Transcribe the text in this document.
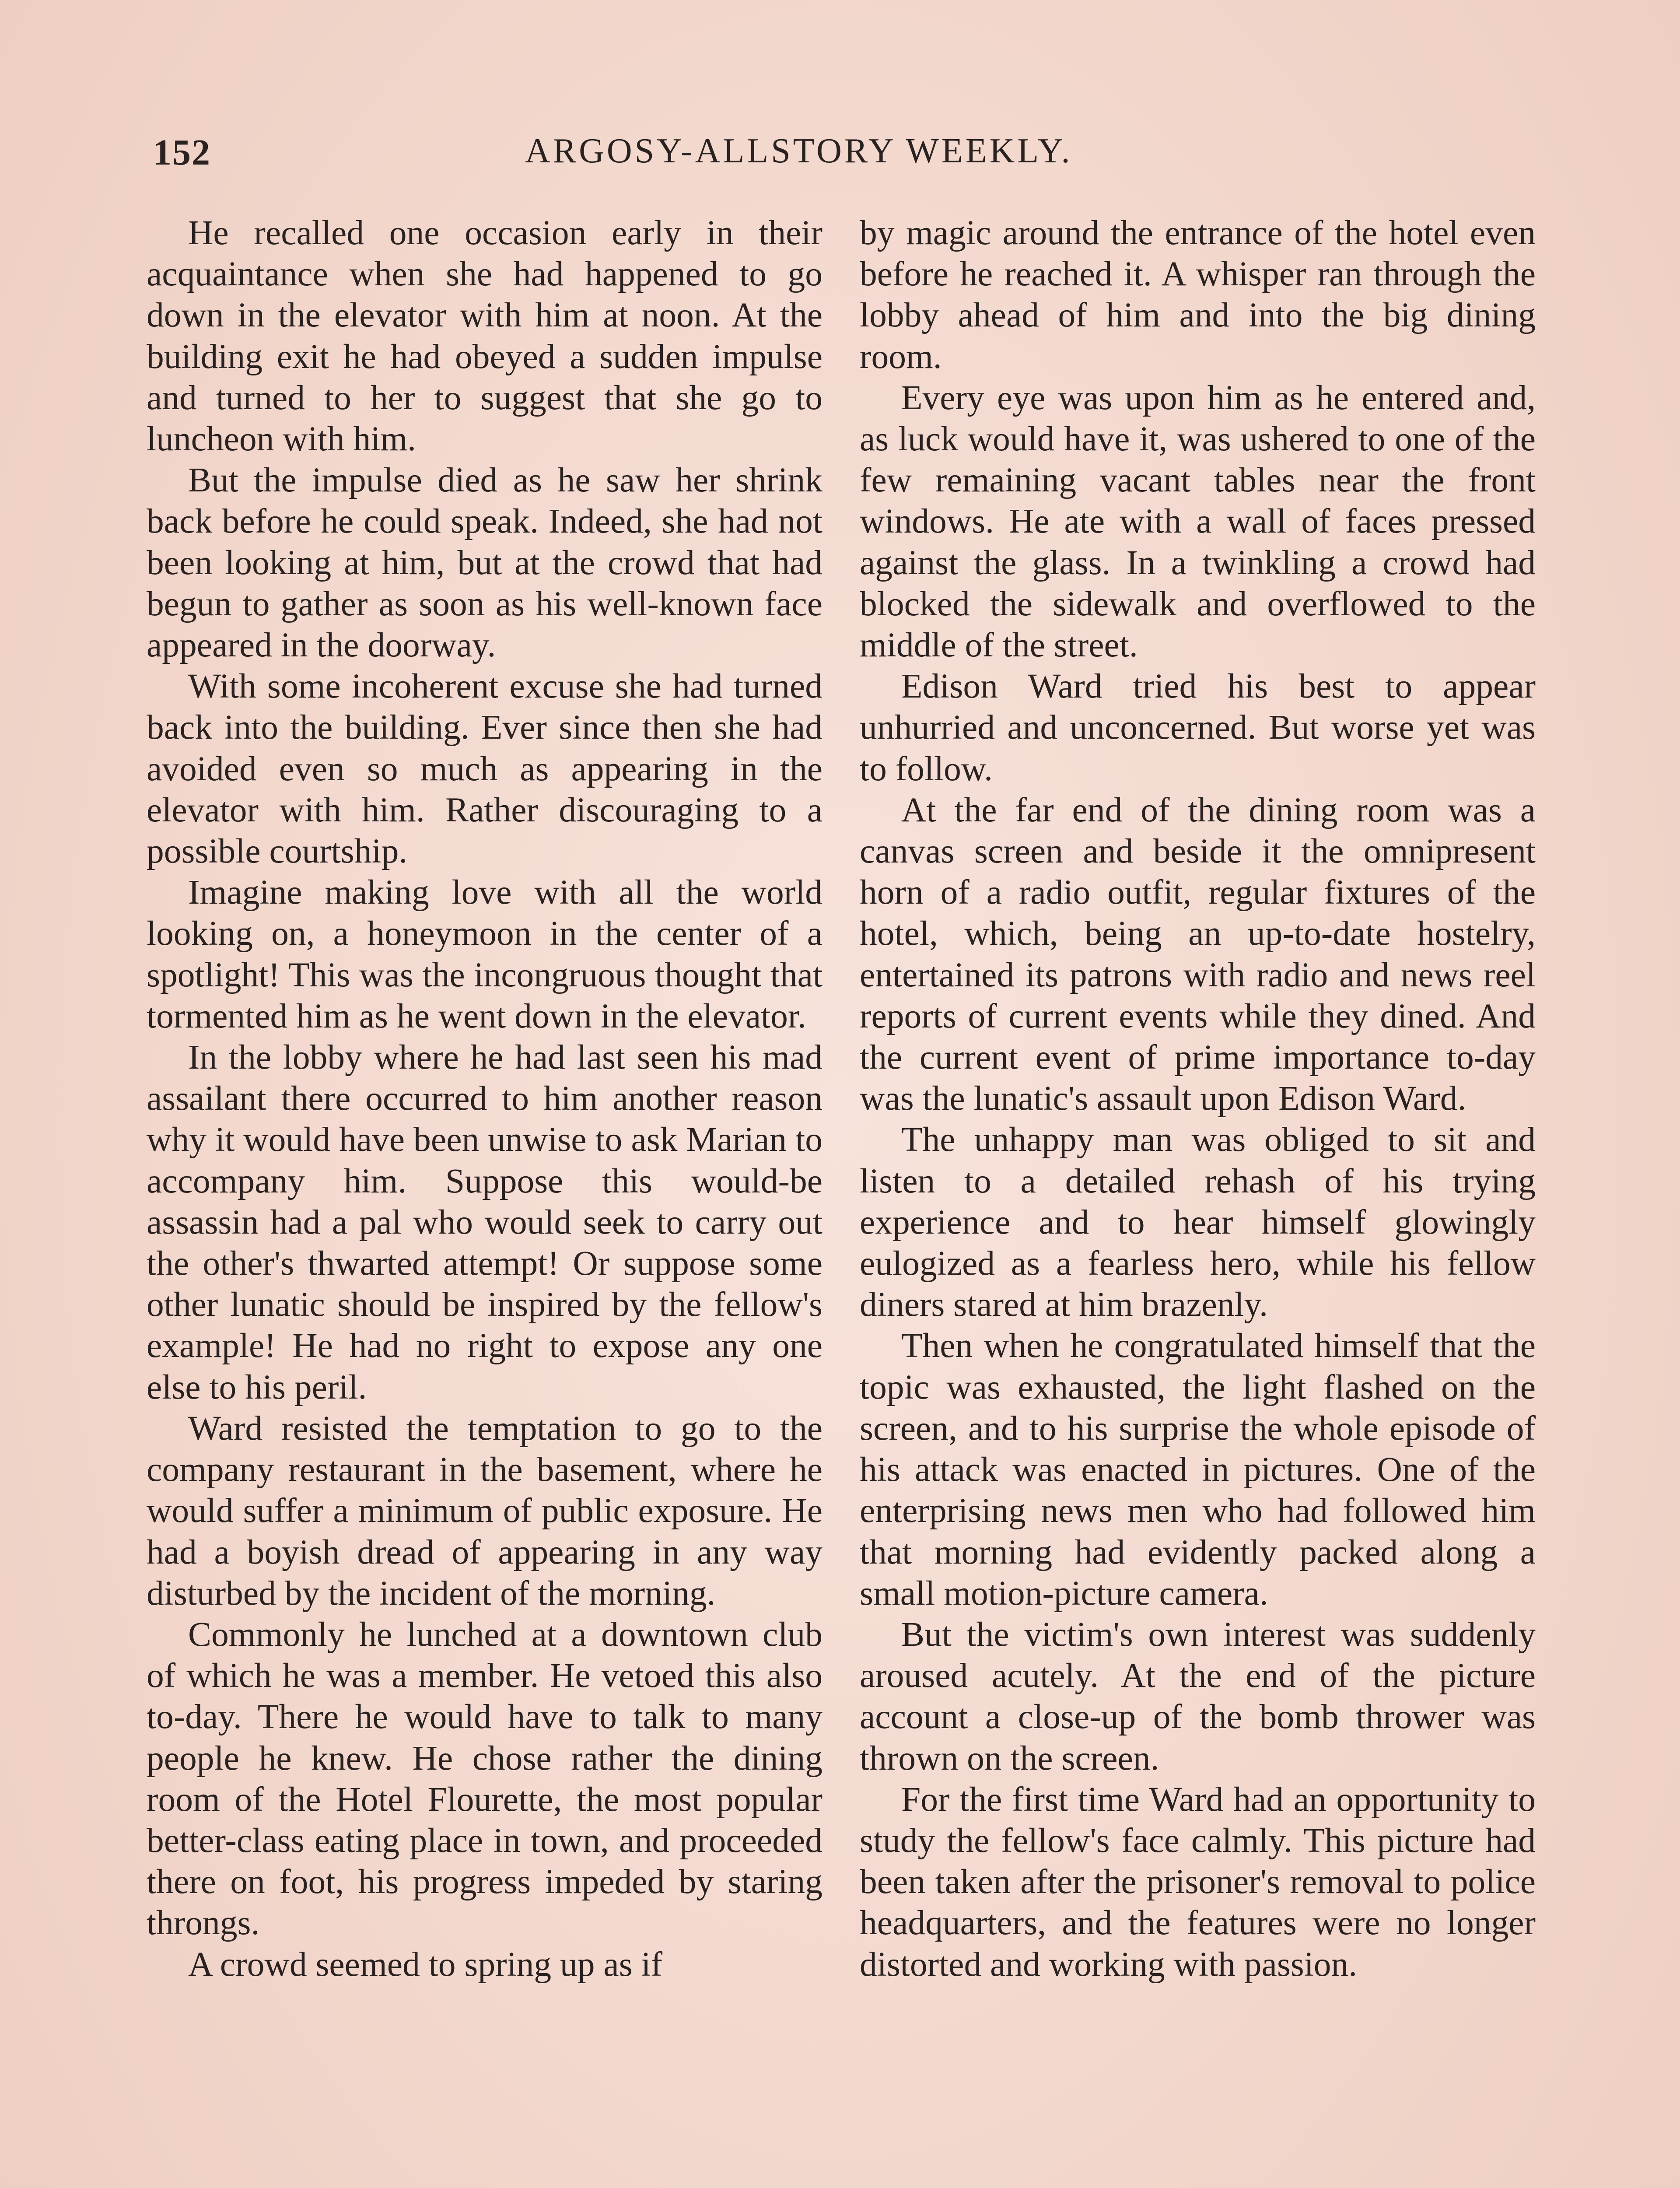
152	ARGOSY-ALLSTORY WEEKLY.

He recalled one occasion early in their acquaintance when she had happened to go down in the elevator with him at noon. At the building exit he had obeyed a sudden impulse and turned to her to suggest that she go to luncheon with him.

But the impulse died as he saw her shrink back before he could speak. Indeed, she had not been looking at him, but at the crowd that had begun to gather as soon as his well-known face appeared in the doorway.

With some incoherent excuse she had turned back into the building. Ever since then she had avoided even so much as appearing in the elevator with him. Rather discouraging to a possible courtship.

Imagine making love with all the world looking on, a honeymoon in the center of a spotlight! This was the incongruous thought that tormented him as he went down in the elevator.

In the lobby where he had last seen his mad assailant there occurred to him another reason why it would have been unwise to ask Marian to accompany him. Suppose this would-be assassin had a pal who would seek to carry out the other's thwarted attempt! Or suppose some other lunatic should be inspired by the fellow's example! He had no right to expose any one else to his peril.

Ward resisted the temptation to go to the company restaurant in the basement, where he would suffer a minimum of public exposure. He had a boyish dread of appearing in any way disturbed by the incident of the morning.

Commonly he lunched at a downtown club of which he was a member. He vetoed this also to-day. There he would have to talk to many people he knew. He chose rather the dining room of the Hotel Flourette, the most popular better-class eating place in town, and proceeded there on foot, his progress impeded by staring throngs.

A crowd seemed to spring up as if

by magic around the entrance of the hotel even before he reached it. A whisper ran through the lobby ahead of him and into the big dining room.

Every eye was upon him as he entered and, as luck would have it, was ushered to one of the few remaining vacant tables near the front windows. He ate with a wall of faces pressed against the glass. In a twinkling a crowd had blocked the sidewalk and overflowed to the middle of the street.

Edison Ward tried his best to appear unhurried and unconcerned. But worse yet was to follow.

At the far end of the dining room was a canvas screen and beside it the omnipresent horn of a radio outfit, regular fixtures of the hotel, which, being an up-to-date hostelry, entertained its patrons with radio and news reel reports of current events while they dined. And the current event of prime importance to-day was the lunatic's assault upon Edison Ward.

The unhappy man was obliged to sit and listen to a detailed rehash of his trying experience and to hear himself glowingly eulogized as a fearless hero, while his fellow diners stared at him brazenly.

Then when he congratulated himself that the topic was exhausted, the light flashed on the screen, and to his surprise the whole episode of his attack was enacted in pictures. One of the enterprising news men who had followed him that morning had evidently packed along a small motion-picture camera.

But the victim's own interest was suddenly aroused acutely. At the end of the picture account a close-up of the bomb thrower was thrown on the screen.

For the first time Ward had an opportunity to study the fellow's face calmly. This picture had been taken after the prisoner's removal to police headquarters, and the features were no longer distorted and working with passion.
